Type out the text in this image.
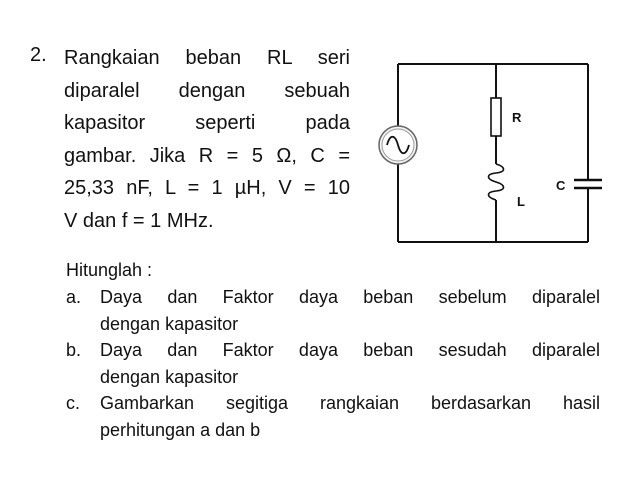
2. Rangkaian beban RL seri
diparalel dengan sebuah
kapasitor seperti pada
gambar. Jika R = 5 Ω, C =
25,33 nF, L = 1 µH, V = 10
V dan f = 1 MHz.
R
L
C
Hitunglah :
a. Daya dan Faktor daya beban sebelum diparalel
dengan kapasitor
b. Daya dan Faktor daya beban sesudah diparalel
dengan kapasitor
c. Gambarkan segitiga rangkaian berdasarkan hasil
perhitungan a dan b
